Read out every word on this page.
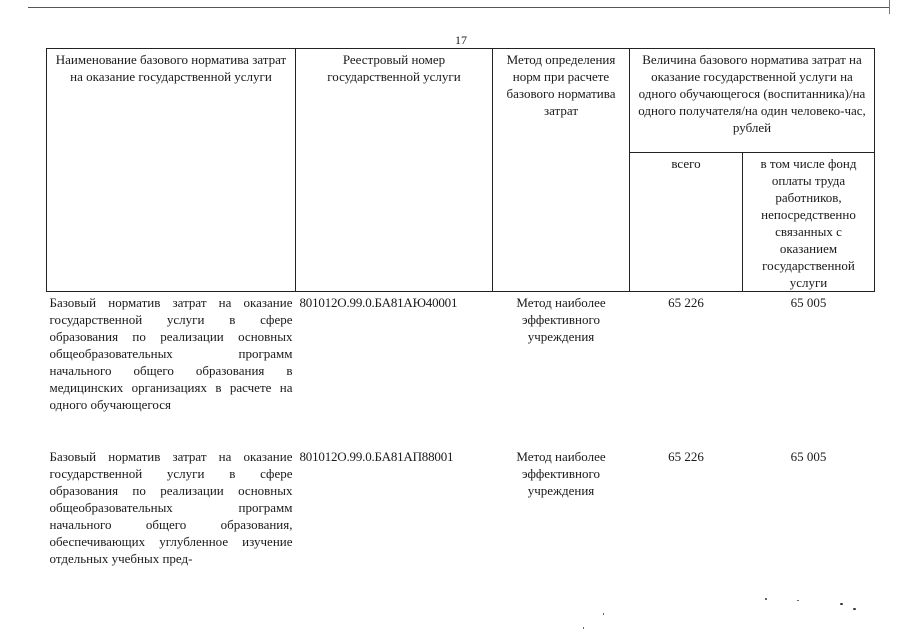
17
Наименование базового норматива затрат на оказание государственной услуги	Реестровый номер государственной услуги	Метод определения норм при расчете базового норматива затрат	Величина базового норматива затрат на оказание государственной услуги на одного обучающегося (воспитанника)/на одного получателя/на один человеко-час, рублей	
			всего	в том числе фонд оплаты труда работников, непосредственно связанных с оказанием государственной услуги
Базовый норматив затрат на оказание государственной услуги в сфере образования по реализации основных общеобразовательных программ начального общего образования в медицинских организациях в расчете на одного обучающегося	801012О.99.0.БА81АЮ40001	Метод наиболее эффективного учреждения	65 226	65 005
Базовый норматив затрат на оказание государственной услуги в сфере образования по реализации основных общеобразовательных программ начального общего образования, обеспечивающих углубленное изучение отдельных учебных пред-	801012О.99.0.БА81АП88001	Метод наиболее эффективного учреждения	65 226	65 005
